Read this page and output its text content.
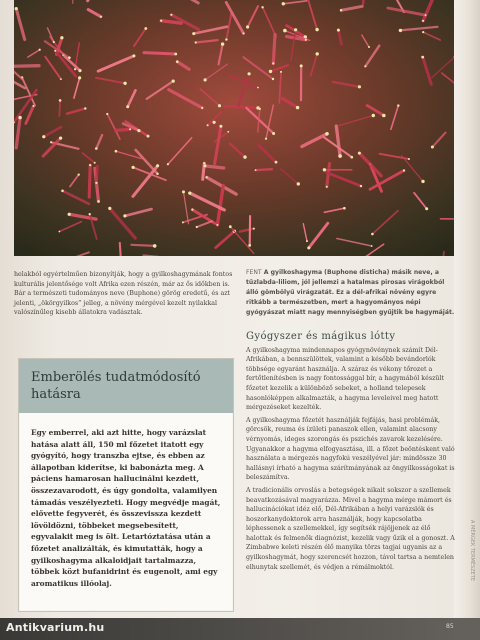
helakból egyértelműen bizonyítják, hogy a gyilkoshagymának fontos kulturális jelentősége volt Afrika ezen részén, már az ős időkben is. Bár a természeti tudományos neve (Buphone) görög eredetű, és azt jelenti, „ökörgyilkos” jelleg, a növény mérgével kezelt nyilakkal valószínűleg kisebb állatokra vadásztak.

Emberölés tudatmódosító hatásra

Egy emberrel, aki azt hitte, hogy varázslat hatása alatt áll, 150 ml főzetet itatott egy gyógyító, hogy transzba ejtse, és ebben az állapotban kiderítse, ki babonázta meg. A páciens hamarosan hallucinálni kezdett, összezavarodott, és úgy gondolta, valamilyen támadás veszélyezteti. Hogy megvédje magát, elővette fegyverét, és összevissza kezdett lövöldözni, többeket megsebesített, egyvalakit meg is ölt. Letartóztatása után a főzetet analizálták, és kimutatták, hogy a gyilkoshagyma alkaloidjait tartalmazza, többek közt bufanidrint és eugenolt, ami egy aromatikus illóolaj.

FENT A gyilkoshagyma (Buphone disticha) másik neve, a tűzlabda-liliom, jól jellemzi a hatalmas pirosas virágokból álló gömbölyű virágzatát. Ez a dél-afrikai növény egyre ritkább a természetben, mert a hagyományos népi gyógyászat miatt nagy mennyiségben gyűjtik be hagymáját.
Gyógyszer és mágikus lótty

A gyilkoshagyma mindennapos gyógynövénynek számít Dél-Afrikában, a bennszülöttek, valamint a később bevándorlók többsége egyaránt használja. A száraz és vékony tőrozet a fertőtlenítésben is nagy fontossággal bír, a hagymából készült főzetet kezelik a különböző sebeket, a holland telepesek hasonlóképpen alkalmazták, a hagyma leveleivel meg hatott mérgezéseket kezelték.

A gyilkoshagyma főzetét használják fejfájás, hasi problémák, görcsök, reuma és ízületi panaszok ellen, valamint alacsony vérnyomás, ideges szorongás és pszichés zavarok kezelésére. Ugyanakkor a hagyma elfogyasztása, ill. a főzet beöntéskent való használata a mérgezés nagyfokú veszélyével jár: mindössze 30 hallásnyi írható a hagyma szárítmányának az öngyilkosságokat is beleszámítva.

A tradicionális orvoslás a betegségek nikait sokszor a szellemek beavatkozásával magyarázza. Mivel a hagyma mérge mámort és hallucinációkat idéz elő, Dél-Afrikában a helyi varázslók és hoszorkanydoktorok arra használják, hogy kapcsolatba léphessenek a szellemekkel, így segítsék rájöjjenek az élő halottak és felmenők diagnózist, kezelik vagy űzik el a gonoszt. A Zimbabwe keleti részén élő manyika törzs tagjai ugyanis az a gyilkoshagymát, hogy szerencsét hozzon, távol tartsa a nemtelen elhunytak szellemét, és védjen a rémálmoktól.	A MÉRGEK TERMÉSZETE
Antikvarium.hu	85
